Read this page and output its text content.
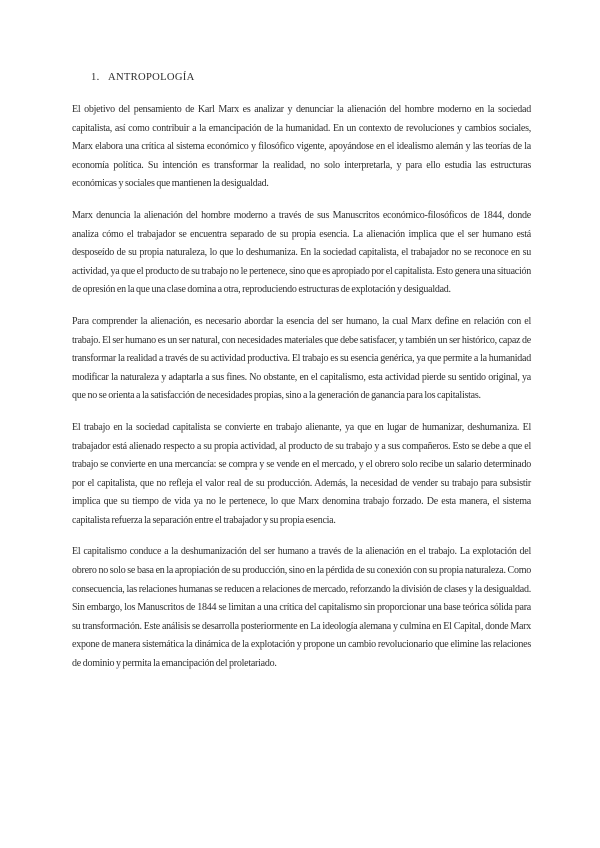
1. ANTROPOLOGÍA

El objetivo del pensamiento de Karl Marx es analizar y denunciar la alienación del hombre moderno en la sociedad capitalista, así como contribuir a la emancipación de la humanidad. En un contexto de revoluciones y cambios sociales, Marx elabora una crítica al sistema económico y filosófico vigente, apoyándose en el idealismo alemán y las teorías de la economía política. Su intención es transformar la realidad, no solo interpretarla, y para ello estudia las estructuras económicas y sociales que mantienen la desigualdad.

Marx denuncia la alienación del hombre moderno a través de sus Manuscritos económico-filosóficos de 1844, donde analiza cómo el trabajador se encuentra separado de su propia esencia. La alienación implica que el ser humano está desposeído de su propia naturaleza, lo que lo deshumaniza. En la sociedad capitalista, el trabajador no se reconoce en su actividad, ya que el producto de su trabajo no le pertenece, sino que es apropiado por el capitalista. Esto genera una situación de opresión en la que una clase domina a otra, reproduciendo estructuras de explotación y desigualdad.

Para comprender la alienación, es necesario abordar la esencia del ser humano, la cual Marx define en relación con el trabajo. El ser humano es un ser natural, con necesidades materiales que debe satisfacer, y también un ser histórico, capaz de transformar la realidad a través de su actividad productiva. El trabajo es su esencia genérica, ya que permite a la humanidad modificar la naturaleza y adaptarla a sus fines. No obstante, en el capitalismo, esta actividad pierde su sentido original, ya que no se orienta a la satisfacción de necesidades propias, sino a la generación de ganancia para los capitalistas.

El trabajo en la sociedad capitalista se convierte en trabajo alienante, ya que en lugar de humanizar, deshumaniza. El trabajador está alienado respecto a su propia actividad, al producto de su trabajo y a sus compañeros. Esto se debe a que el trabajo se convierte en una mercancía: se compra y se vende en el mercado, y el obrero solo recibe un salario determinado por el capitalista, que no refleja el valor real de su producción. Además, la necesidad de vender su trabajo para subsistir implica que su tiempo de vida ya no le pertenece, lo que Marx denomina trabajo forzado. De esta manera, el sistema capitalista refuerza la separación entre el trabajador y su propia esencia.

El capitalismo conduce a la deshumanización del ser humano a través de la alienación en el trabajo. La explotación del obrero no solo se basa en la apropiación de su producción, sino en la pérdida de su conexión con su propia naturaleza. Como consecuencia, las relaciones humanas se reducen a relaciones de mercado, reforzando la división de clases y la desigualdad. Sin embargo, los Manuscritos de 1844 se limitan a una crítica del capitalismo sin proporcionar una base teórica sólida para su transformación. Este análisis se desarrolla posteriormente en La ideología alemana y culmina en El Capital, donde Marx expone de manera sistemática la dinámica de la explotación y propone un cambio revolucionario que elimine las relaciones de dominio y permita la emancipación del proletariado.
